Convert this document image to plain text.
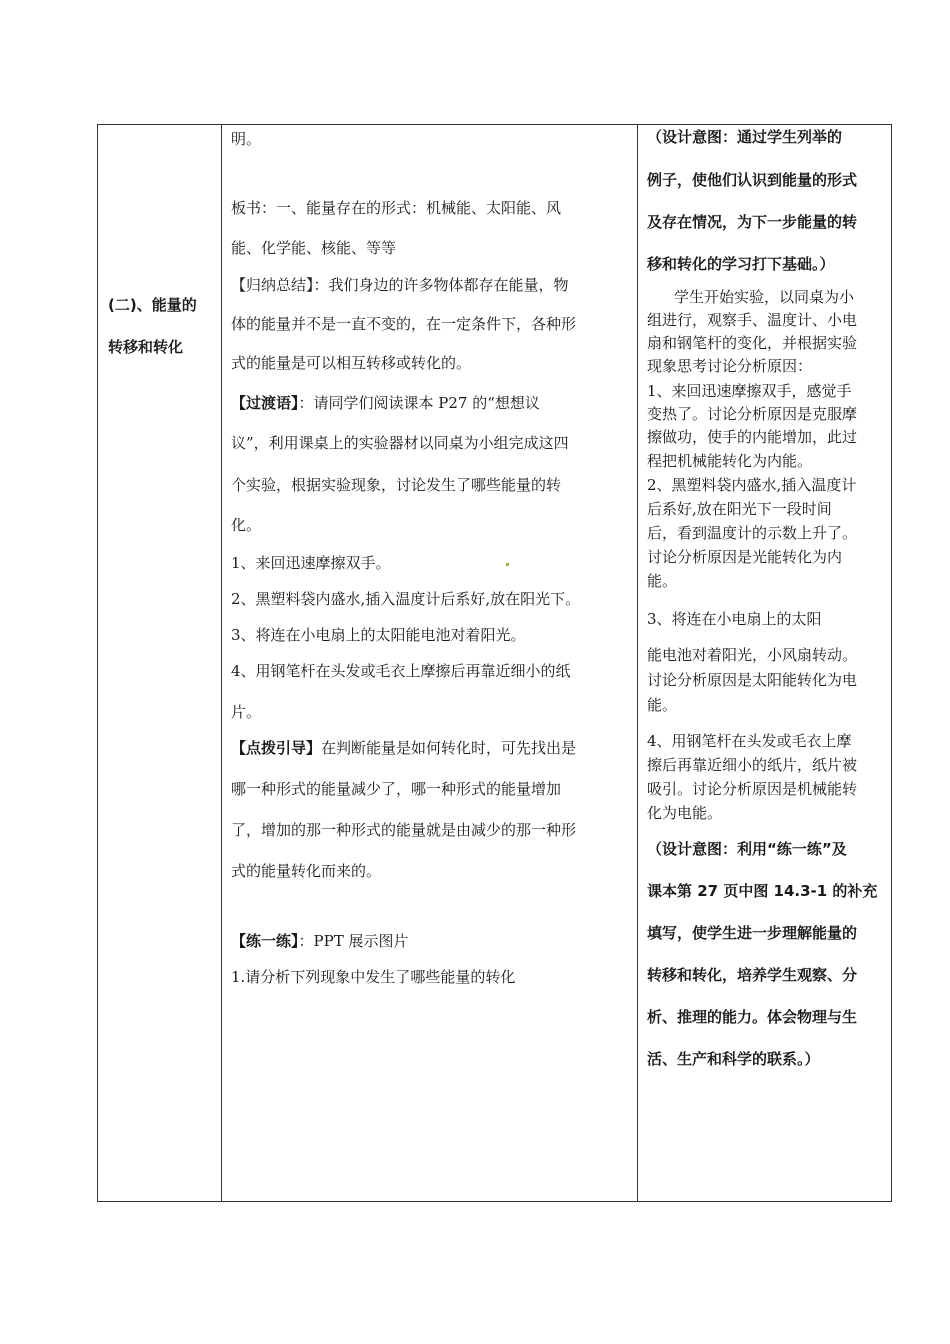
(二)、能量的
转移和转化
明。
板书：一、能量存在的形式：机械能、太阳能、风
能、化学能、核能、等等
【归纳总结】：我们身边的许多物体都存在能量，物
体的能量并不是一直不变的，在一定条件下，各种形
式的能量是可以相互转移或转化的。
【过渡语】：请同学们阅读课本 P27 的“想想议
议”，利用课桌上的实验器材以同桌为小组完成这四
个实验，根据实验现象，讨论发生了哪些能量的转
化。
1、来回迅速摩擦双手。
2、黑塑料袋内盛水,插入温度计后系好,放在阳光下。
3、将连在小电扇上的太阳能电池对着阳光。
4、用钢笔杆在头发或毛衣上摩擦后再靠近细小的纸
片。
【点拨引导】在判断能量是如何转化时，可先找出是
哪一种形式的能量减少了，哪一种形式的能量增加
了，增加的那一种形式的能量就是由减少的那一种形
式的能量转化而来的。
【练一练】：PPT 展示图片
1.请分析下列现象中发生了哪些能量的转化
（设计意图：通过学生列举的
例子，使他们认识到能量的形式
及存在情况，为下一步能量的转
移和转化的学习打下基础。）
学生开始实验，以同桌为小
组进行，观察手、温度计、小电
扇和钢笔杆的变化，并根据实验
现象思考讨论分析原因：
1、来回迅速摩擦双手，感觉手
变热了。讨论分析原因是克服摩
擦做功，使手的内能增加，此过
程把机械能转化为内能。
2、黑塑料袋内盛水,插入温度计
后系好,放在阳光下一段时间
后，看到温度计的示数上升了。
讨论分析原因是光能转化为内
能。
3、将连在小电扇上的太阳
能电池对着阳光，小风扇转动。
讨论分析原因是太阳能转化为电
能。
4、用钢笔杆在头发或毛衣上摩
擦后再靠近细小的纸片，纸片被
吸引。讨论分析原因是机械能转
化为电能。
（设计意图：利用“练一练”及
课本第 27 页中图 14.3-1 的补充
填写，使学生进一步理解能量的
转移和转化，培养学生观察、分
析、推理的能力。体会物理与生
活、生产和科学的联系。）
